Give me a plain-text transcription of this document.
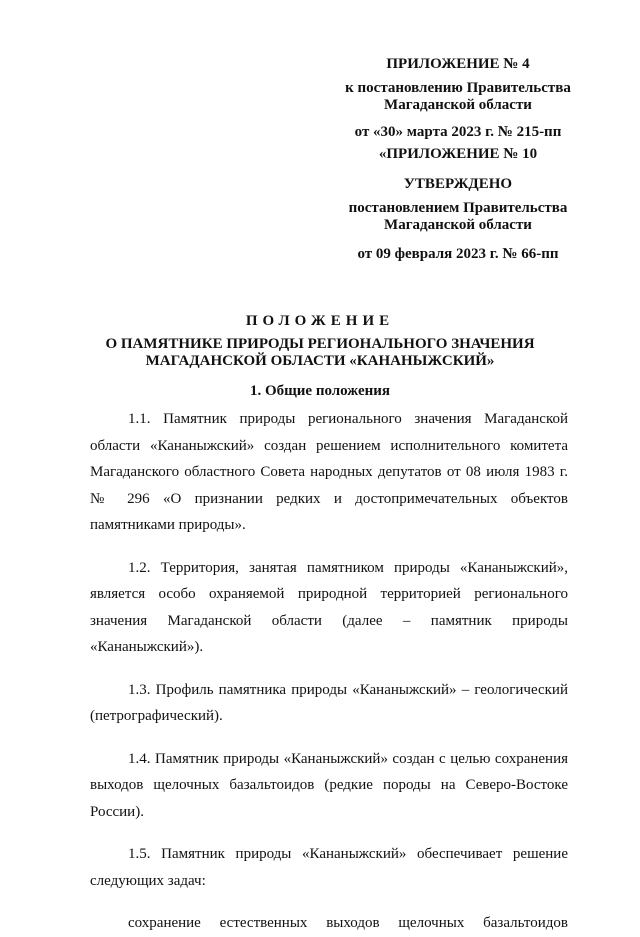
ПРИЛОЖЕНИЕ № 4
к постановлению Правительства
Магаданской области
от «30» марта 2023 г. № 215-пп
«ПРИЛОЖЕНИЕ № 10
УТВЕРЖДЕНО
постановлением Правительства
Магаданской области
от 09 февраля 2023 г. № 66-пп
ПОЛОЖЕНИЕ
О ПАМЯТНИКЕ ПРИРОДЫ РЕГИОНАЛЬНОГО ЗНАЧЕНИЯ
МАГАДАНСКОЙ ОБЛАСТИ «КАНАНЫЖСКИЙ»
1. Общие положения

1.1. Памятник природы регионального значения Магаданской области «Кананыжский» создан решением исполнительного комитета Магаданского областного Совета народных депутатов от 08 июля 1983 г. № 296 «О признании редких и достопримечательных объектов памятниками природы».

1.2. Территория, занятая памятником природы «Кананыжский», является особо охраняемой природной территорией регионального значения Магаданской области (далее – памятник природы «Кананыжский»).

1.3. Профиль памятника природы «Кананыжский» – геологический (петрографический).

1.4. Памятник природы «Кананыжский» создан с целью сохранения выходов щелочных базальтоидов (редкие породы на Северо-Востоке России).

1.5. Памятник природы «Кананыжский» обеспечивает решение следующих задач:

сохранение естественных выходов щелочных базальтоидов
